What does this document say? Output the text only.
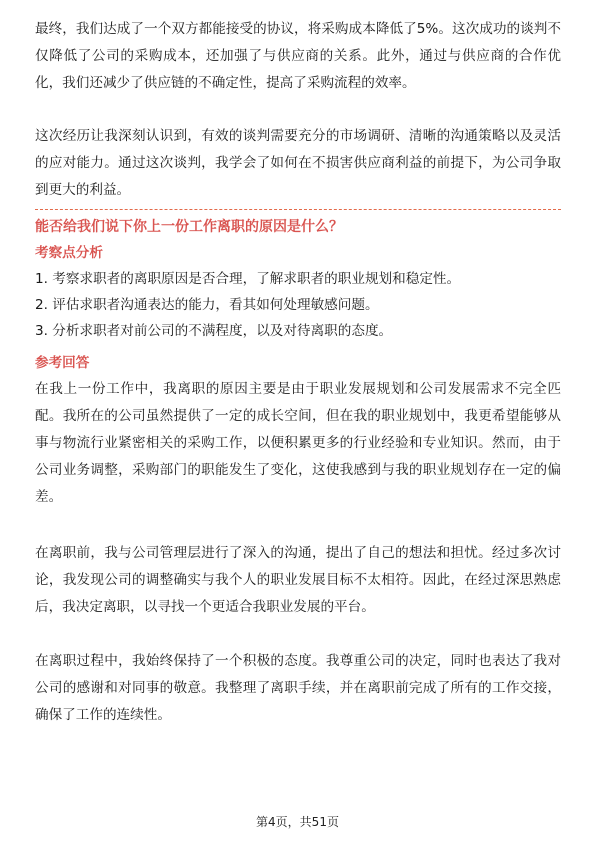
最终，我们达成了一个双方都能接受的协议，将采购成本降低了5%。这次成功的谈判不仅降低了公司的采购成本，还加强了与供应商的关系。此外，通过与供应商的合作优化，我们还减少了供应链的不确定性，提高了采购流程的效率。

这次经历让我深刻认识到，有效的谈判需要充分的市场调研、清晰的沟通策略以及灵活的应对能力。通过这次谈判，我学会了如何在不损害供应商利益的前提下，为公司争取到更大的利益。

能否给我们说下你上一份工作离职的原因是什么？

考察点分析

1. 考察求职者的离职原因是否合理，了解求职者的职业规划和稳定性。
2. 评估求职者沟通表达的能力，看其如何处理敏感问题。
3. 分析求职者对前公司的不满程度，以及对待离职的态度。

参考回答

在我上一份工作中，我离职的原因主要是由于职业发展规划和公司发展需求不完全匹配。我所在的公司虽然提供了一定的成长空间，但在我的职业规划中，我更希望能够从事与物流行业紧密相关的采购工作，以便积累更多的行业经验和专业知识。然而，由于公司业务调整，采购部门的职能发生了变化，这使我感到与我的职业规划存在一定的偏差。

在离职前，我与公司管理层进行了深入的沟通，提出了自己的想法和担忧。经过多次讨论，我发现公司的调整确实与我个人的职业发展目标不太相符。因此，在经过深思熟虑后，我决定离职，以寻找一个更适合我职业发展的平台。

在离职过程中，我始终保持了一个积极的态度。我尊重公司的决定，同时也表达了我对公司的感谢和对同事的敬意。我整理了离职手续，并在离职前完成了所有的工作交接，确保了工作的连续性。

第4页，共51页
